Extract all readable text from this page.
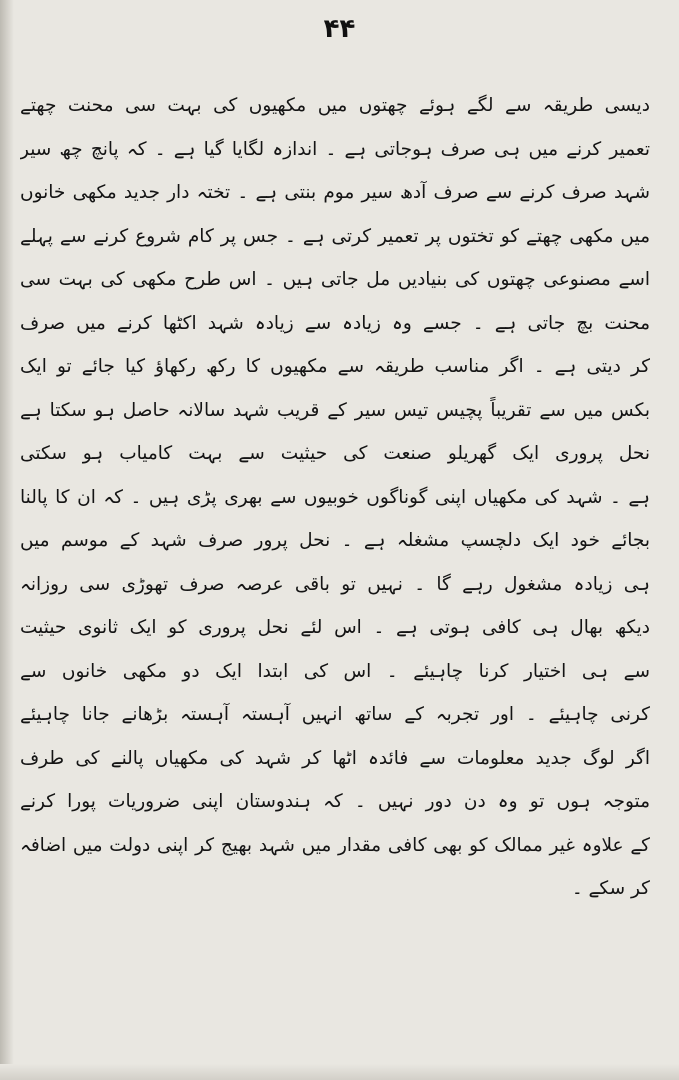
۴۴
دیسی طریقہ سے لگے ہوئے چھتوں میں مکھیوں کی بہت سی محنت چھتے
تعمیر کرنے میں ہی صرف ہوجاتی ہے ۔ اندازہ لگایا گیا ہے ۔ کہ پانچ چھ سیر
شہد صرف کرنے سے صرف آدھ سیر موم بنتی ہے ۔ تختہ دار جدید مکھی خانوں
میں مکھی چھتے کو تختوں پر تعمیر کرتی ہے ۔ جس پر کام شروع کرنے سے پہلے
اسے مصنوعی چھتوں کی بنیادیں مل جاتی ہیں ۔ اس طرح مکھی کی بہت سی
محنت بچ جاتی ہے ۔ جسے وہ زیادہ سے زیادہ شہد اکٹھا کرنے میں صرف
کر دیتی ہے ۔ اگر مناسب طریقہ سے مکھیوں کا رکھ رکھاؤ کیا جائے تو ایک
بکس میں سے تقریباً پچیس تیس سیر کے قریب شہد سالانہ حاصل ہو سکتا ہے
نحل پروری ایک گھریلو صنعت کی حیثیت سے بہت کامیاب ہو سکتی
ہے ۔ شہد کی مکھیاں اپنی گوناگوں خوبیوں سے بھری پڑی ہیں ۔ کہ ان کا پالنا
بجائے خود ایک دلچسپ مشغلہ ہے ۔ نحل پرور صرف شہد کے موسم میں
ہی زیادہ مشغول رہے گا ۔ نہیں تو باقی عرصہ صرف تھوڑی سی روزانہ
دیکھ بھال ہی کافی ہوتی ہے ۔ اس لئے نحل پروری کو ایک ثانوی حیثیت
سے ہی اختیار کرنا چاہیئے ۔ اس کی ابتدا ایک دو مکھی خانوں سے
کرنی چاہیئے ۔ اور تجربہ کے ساتھ انہیں آہستہ آہستہ بڑھانے جانا چاہیئے
اگر لوگ جدید معلومات سے فائدہ اٹھا کر شہد کی مکھیاں پالنے کی طرف
متوجہ ہوں تو وہ دن دور نہیں ۔ کہ ہندوستان اپنی ضروریات پورا کرنے
کے علاوہ غیر ممالک کو بھی کافی مقدار میں شہد بھیج کر اپنی دولت میں اضافہ
کر سکے ۔
